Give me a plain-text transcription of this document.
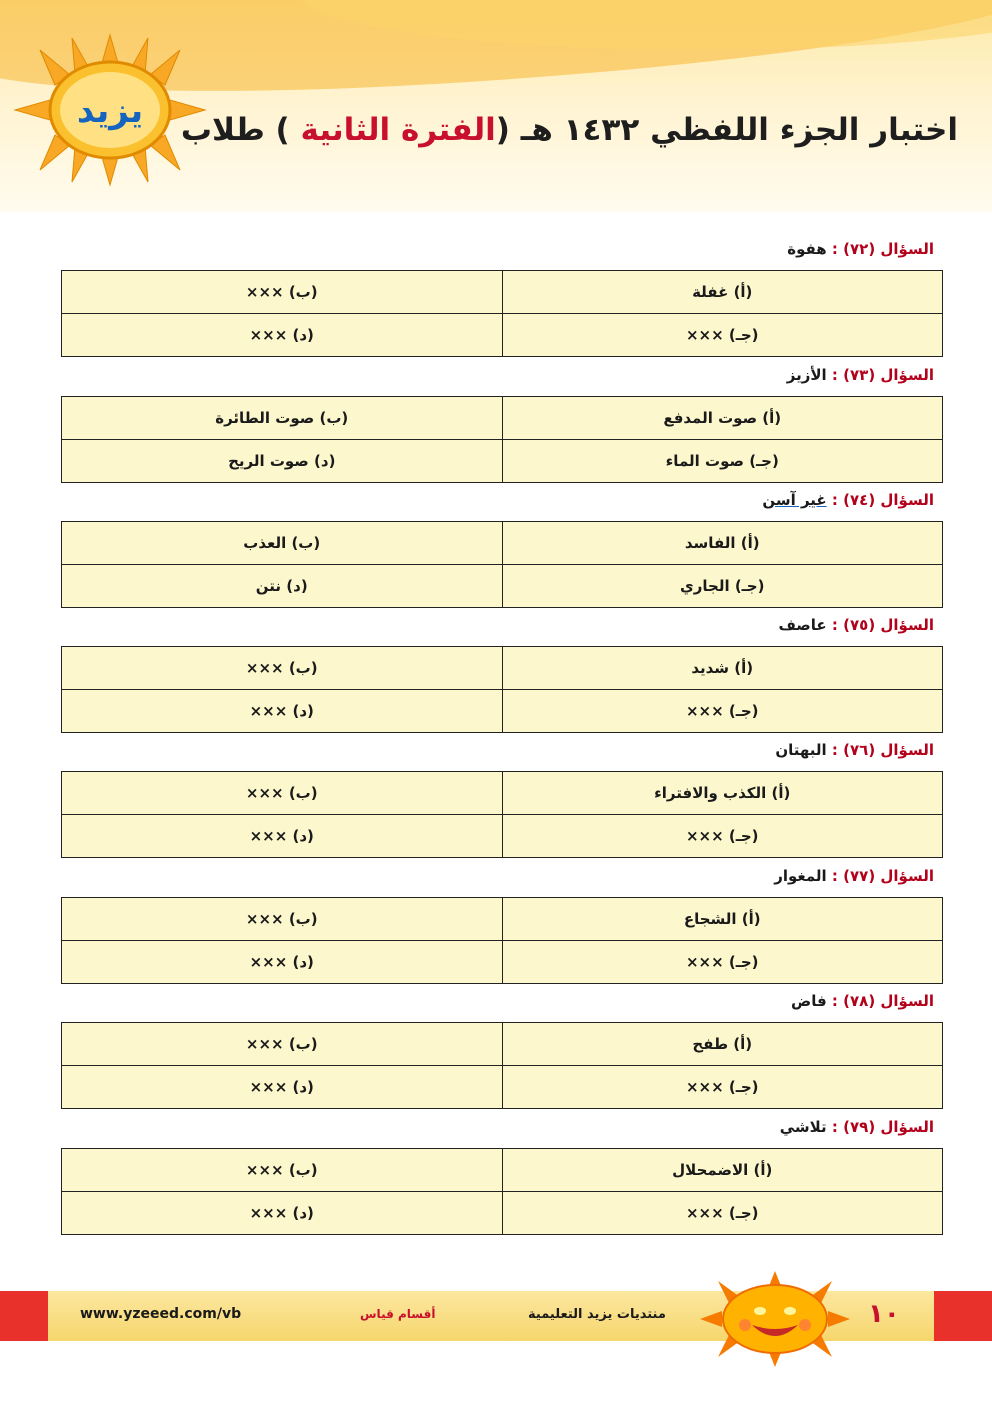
يزيد	اختبار الجزء اللفظي ١٤٣٢ هـ (الفترة الثانية ) طلاب
السؤال (٧٢) : هفوة
(أ) غفلة	(ب) ×××
(جـ) ×××	(د) ×××
السؤال (٧٣) : الأزيز
(أ) صوت المدفع	(ب) صوت الطائرة
(جـ) صوت الماء	(د) صوت الريح
السؤال (٧٤) : غير آسن
(أ) الفاسد	(ب) العذب
(جـ) الجاري	(د) نتن
السؤال (٧٥) : عاصف
(أ) شديد	(ب) ×××
(جـ) ×××	(د) ×××
السؤال (٧٦) : البهتان
(أ) الكذب والافتراء	(ب) ×××
(جـ) ×××	(د) ×××
السؤال (٧٧) : المغوار
(أ) الشجاع	(ب) ×××
(جـ) ×××	(د) ×××
السؤال (٧٨) : فاض
(أ) طفح	(ب) ×××
(جـ) ×××	(د) ×××
السؤال (٧٩) : تلاشي
(أ) الاضمحلال	(ب) ×××
(جـ) ×××	(د) ×××
www.yzeeed.com/vb	أقسام قياس	منتديات يزيد التعليمية	١٠
